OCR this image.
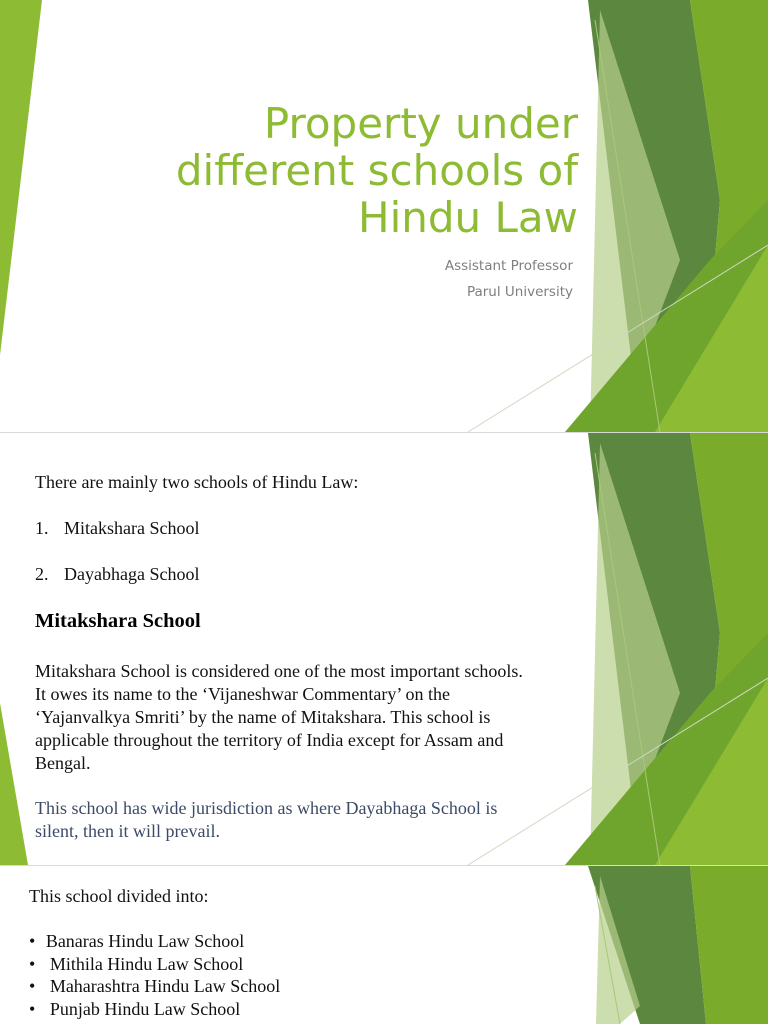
Property under
different schools of
Hindu Law
Assistant Professor
Parul University
There are mainly two schools of Hindu Law:
1. Mitakshara School
2. Dayabhaga School
Mitakshara School
Mitakshara School is considered one of the most important schools.
It owes its name to the ‘Vijaneshwar Commentary’ on the
‘Yajanvalkya Smriti’ by the name of Mitakshara. This school is
applicable throughout the territory of India except for Assam and
Bengal.
This school has wide jurisdiction as where Dayabhaga School is
silent, then it will prevail.
This school divided into:
• Banaras Hindu Law School
• Mithila Hindu Law School
• Maharashtra Hindu Law School
• Punjab Hindu Law School
